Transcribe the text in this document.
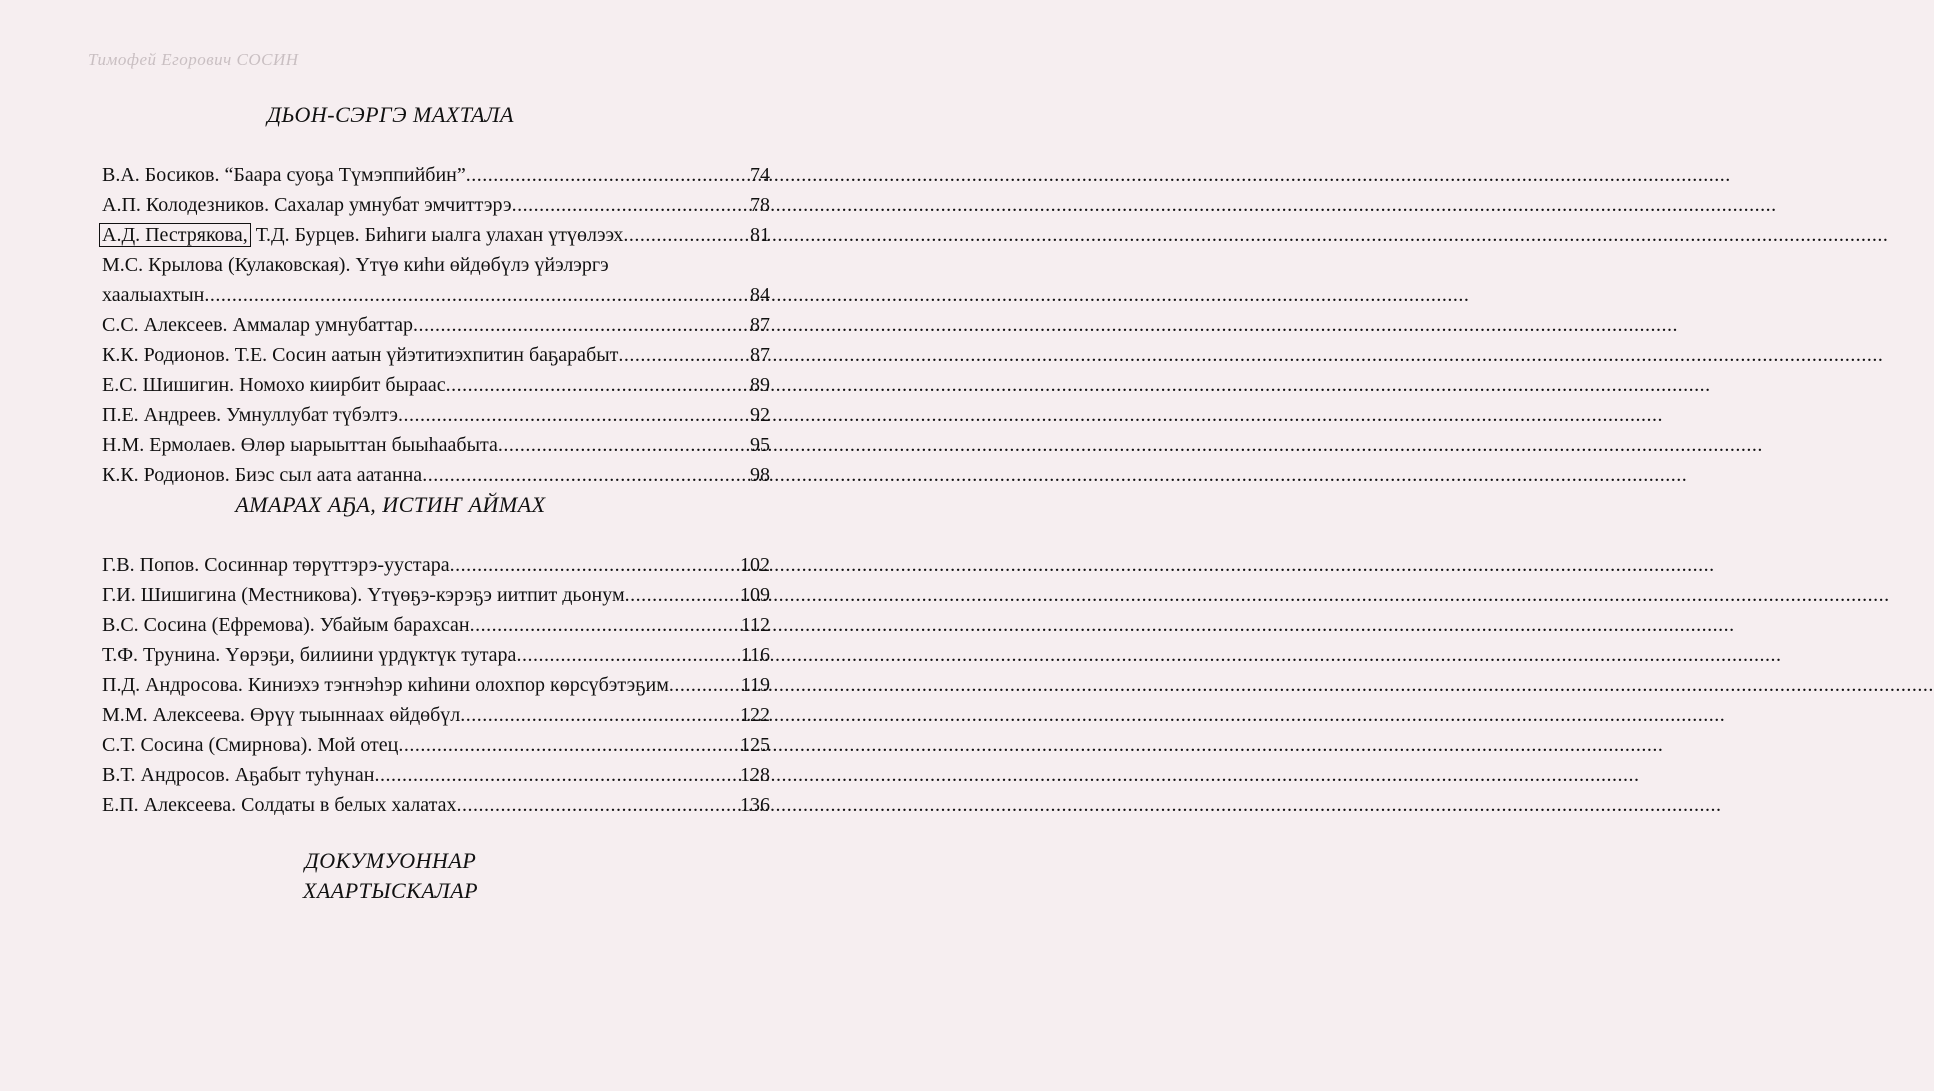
Тимофей Егорович СОСИН
ДЬОН-СЭРГЭ МАХТАЛА
В.А. Босиков. “Баара суоҕа Түмэппийбин” .....	74
А.П. Колодезников. Сахалар умнубат эмчиттэрэ .....	78
А.Д. Пестрякова, Т.Д. Бурцев. Биһиги ыалга улахан үтүөлээх .....	81
М.С. Крылова (Кулаковская). Үтүө киһи өйдөбүлэ үйэлэргэ
хаалыахтын .....	84
С.С. Алексеев. Аммалар умнубаттар .....	87
К.К. Родионов. Т.Е. Сосин аатын үйэтитиэхпитин баҕарабыт .....	87
Е.С. Шишигин. Номохо киирбит быраас .....	89
П.Е. Андреев. Умнуллубат түбэлтэ .....	92
Н.М. Ермолаев. Өлөр ыарыыттан быыһаабыта .....	95
К.К. Родионов. Биэс сыл аата аатанна .....	98
АМАРАХ АҔА, ИСТИҤ АЙМАХ
Г.В. Попов. Сосиннар төрүттэрэ-уустара .....	102
Г.И. Шишигина (Местникова). Үтүөҕэ-кэрэҕэ иитпит дьонум .....	109
В.С. Сосина (Ефремова). Убайым барахсан .....	112
Т.Ф. Трунина. Үөрэҕи, билиини үрдүктүк тутара .....	116
П.Д. Андросова. Киниэхэ тэҥнэһэр киһини олохпор көрсүбэтэҕим .....	119
М.М. Алексеева. Өрүү тыыннаах өйдөбүл .....	122
С.Т. Сосина (Смирнова). Мой отец .....	125
В.Т. Андросов. Аҕабыт туһунан .....	128
Е.П. Алексеева. Солдаты в белых халатах .....	136
ДОКУМУОННАР
ХААРТЫСКАЛАР
